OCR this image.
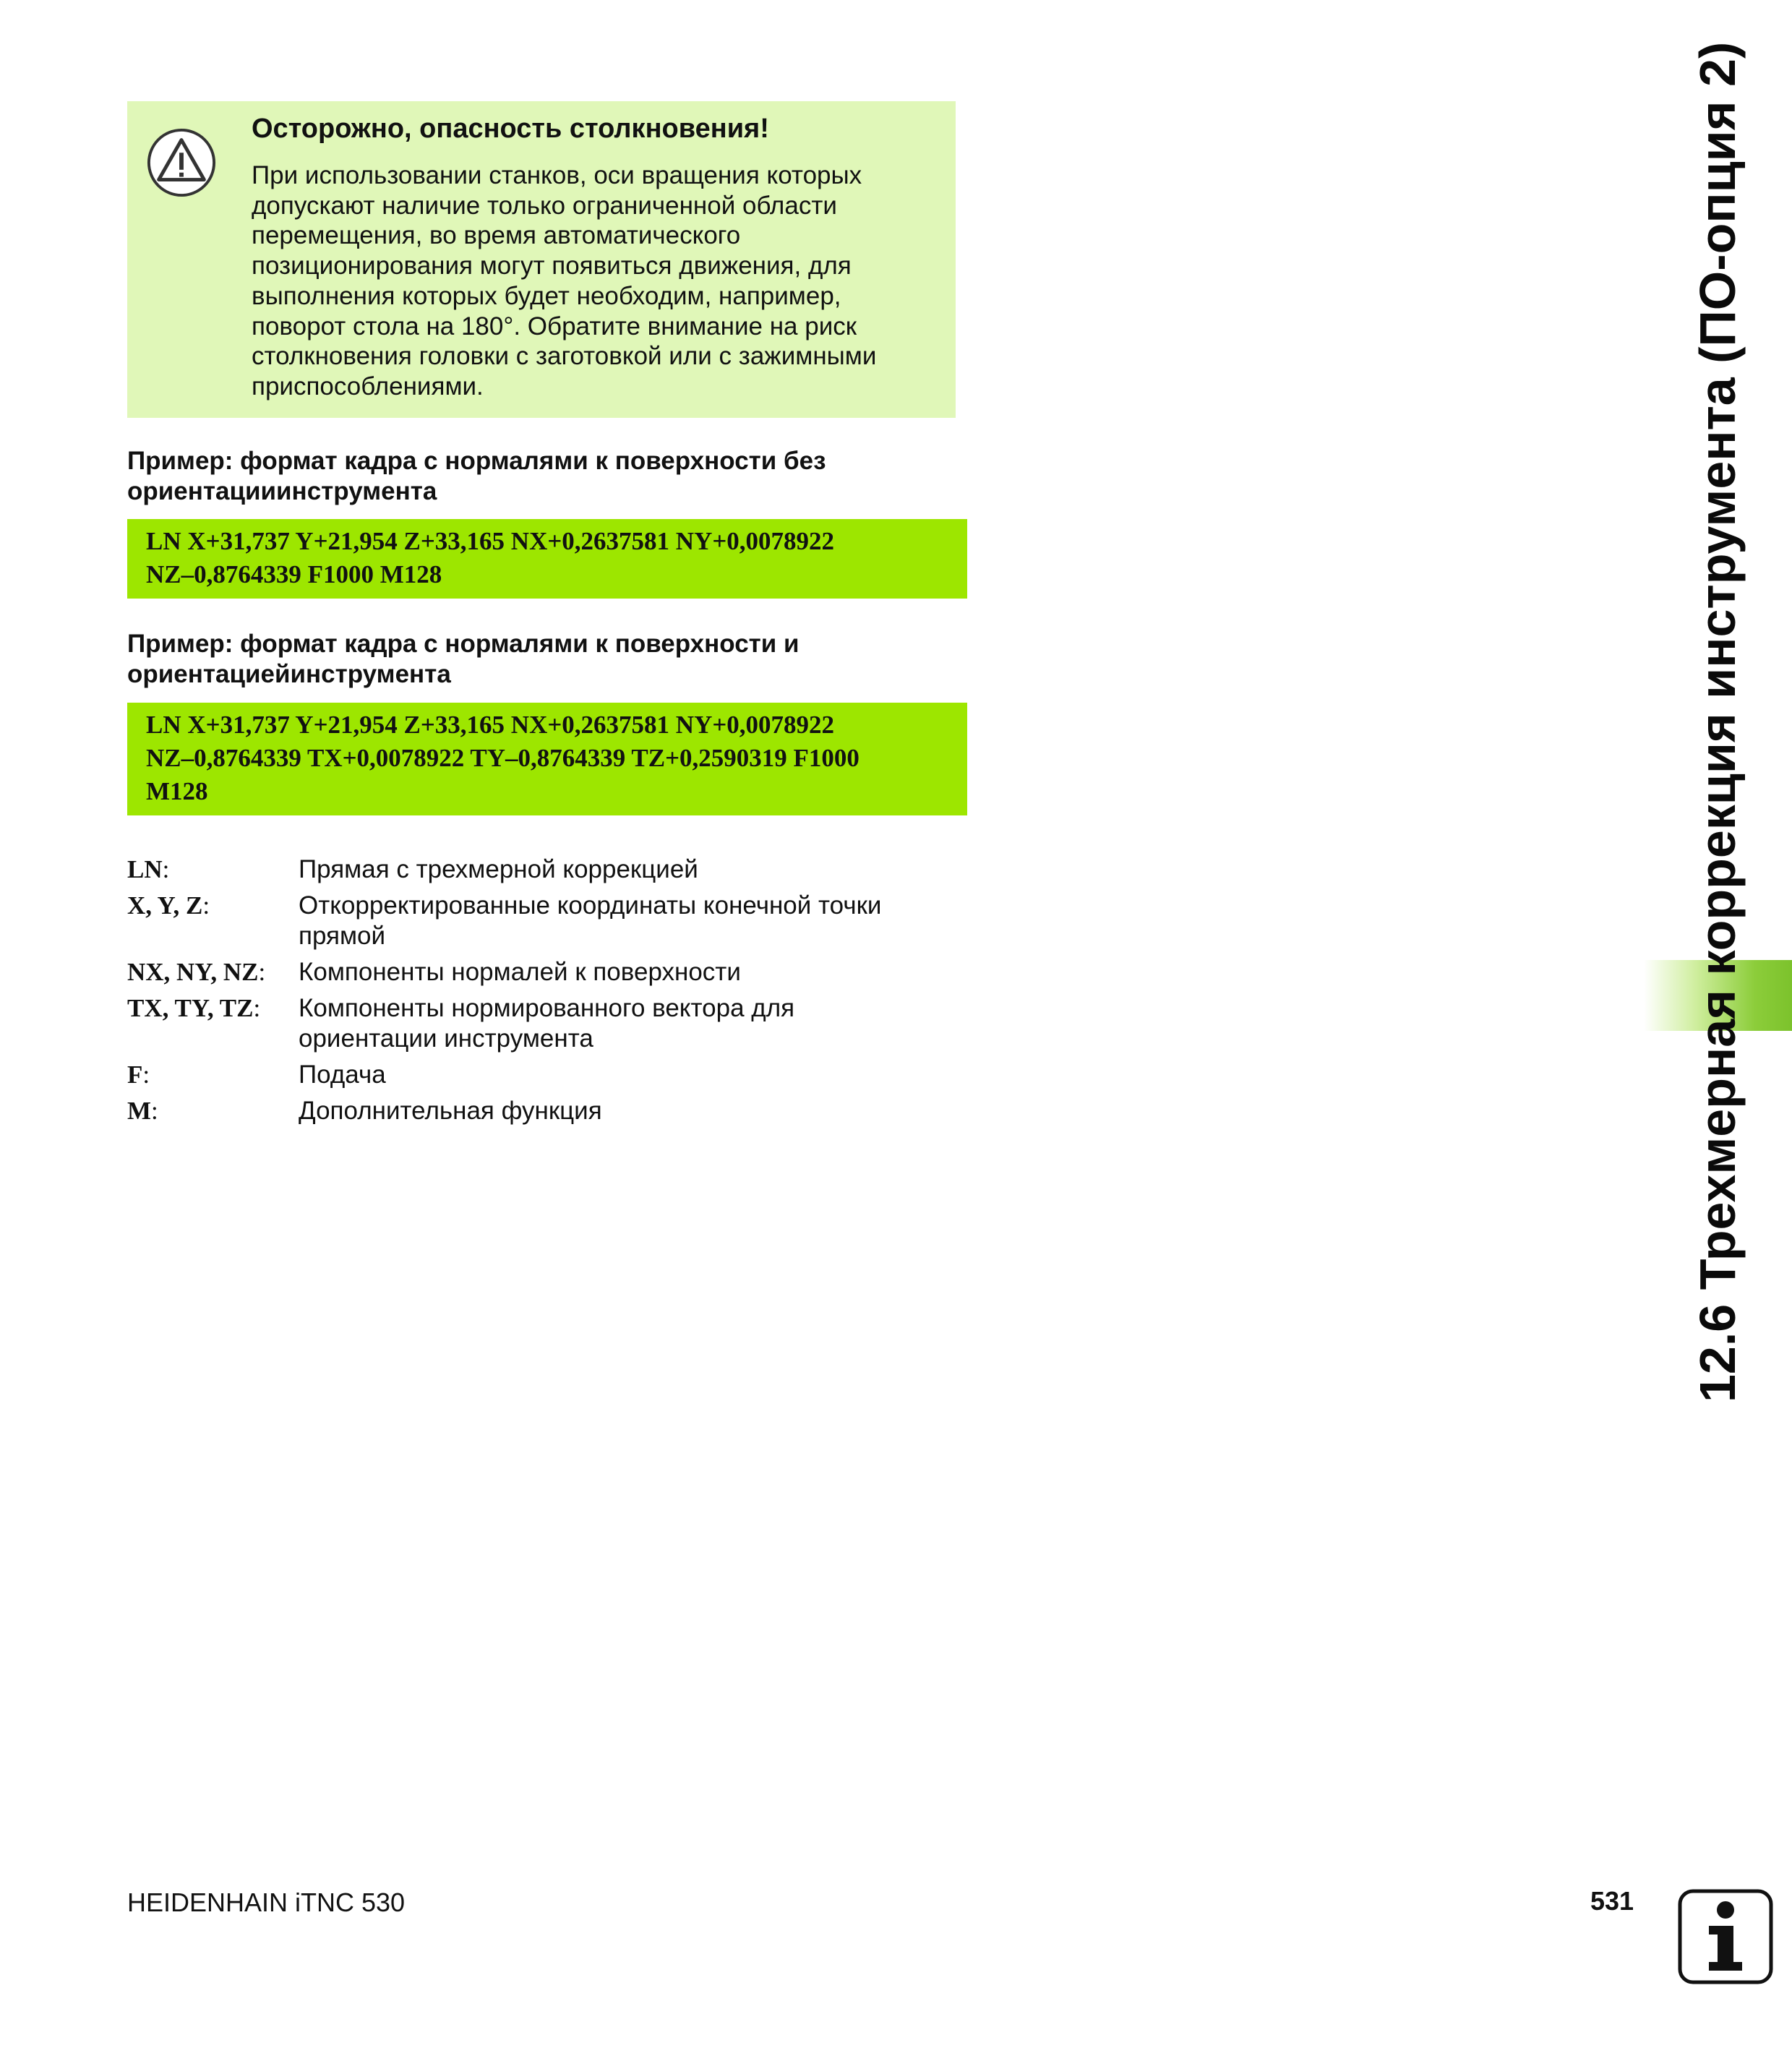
Осторожно, опасность столкновения!
При использовании станков, оси вращения которых
допускают наличие только ограниченной области
перемещения, во время автоматического
позиционирования могут появиться движения, для
выполнения которых будет необходим, например,
поворот стола на 180°. Обратите внимание на риск
столкновения головки с заготовкой или с зажимными
приспособлениями.
Пример: формат кадра с нормалями к поверхности без
ориентацииинструмента
LN X+31,737 Y+21,954 Z+33,165 NX+0,2637581 NY+0,0078922
NZ–0,8764339 F1000 M128
Пример: формат кадра с нормалями к поверхности и
ориентациейинструмента
LN X+31,737 Y+21,954 Z+33,165 NX+0,2637581 NY+0,0078922
NZ–0,8764339 TX+0,0078922 TY–0,8764339 TZ+0,2590319 F1000
M128
LN:	Прямая с трехмерной коррекцией
X, Y, Z:	Откорректированные координаты конечной точки
прямой
NX, NY, NZ: Компоненты нормалей к поверхности
TX, TY, TZ: Компоненты нормированного вектора для
ориентации инструмента
F:	Подача
M:	Дополнительная функция	12.6 Трехмерная коррекция инструмента (ПО-опция 2)
HEIDENHAIN iTNC 530	531
